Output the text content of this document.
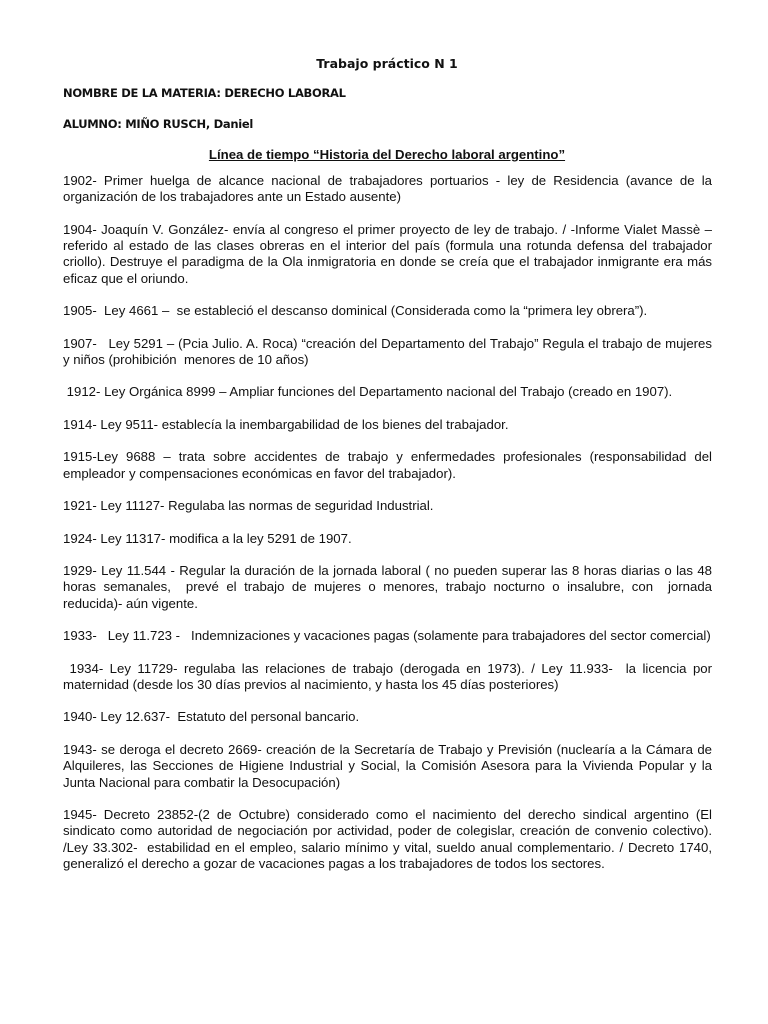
Trabajo práctico N 1
NOMBRE DE LA MATERIA: DERECHO LABORAL
ALUMNO: MIÑO RUSCH, Daniel
Línea de tiempo “Historia del Derecho laboral argentino”

1902- Primer huelga de alcance nacional de trabajadores portuarios - ley de Residencia (avance de la organización de los trabajadores ante un Estado ausente)

1904- Joaquín V. González- envía al congreso el primer proyecto de ley de trabajo. / -Informe Vialet Massè –referido al estado de las clases obreras en el interior del país (formula una rotunda defensa del trabajador criollo). Destruye el paradigma de la Ola inmigratoria en donde se creía que el trabajador inmigrante era más eficaz que el oriundo.

1905-  Ley 4661 –  se estableció el descanso dominical (Considerada como la “primera ley obrera”).

1907-   Ley 5291 – (Pcia Julio. A. Roca) “creación del Departamento del Trabajo” Regula el trabajo de mujeres y niños (prohibición  menores de 10 años)

1912- Ley Orgánica 8999 – Ampliar funciones del Departamento nacional del Trabajo (creado en 1907).

1914- Ley 9511- establecía la inembargabilidad de los bienes del trabajador.

1915-Ley 9688 – trata sobre accidentes de trabajo y enfermedades profesionales (responsabilidad del empleador y compensaciones económicas en favor del trabajador).

1921- Ley 11127- Regulaba las normas de seguridad Industrial.

1924- Ley 11317- modifica a la ley 5291 de 1907.

1929- Ley 11.544 - Regular la duración de la jornada laboral ( no pueden superar las 8 horas diarias o las 48 horas semanales,  prevé el trabajo de mujeres o menores, trabajo nocturno o insalubre, con  jornada reducida)- aún vigente.

1933-   Ley 11.723 -   Indemnizaciones y vacaciones pagas (solamente para trabajadores del sector comercial)

1934- Ley 11729- regulaba las relaciones de trabajo (derogada en 1973). / Ley 11.933-  la licencia por maternidad (desde los 30 días previos al nacimiento, y hasta los 45 días posteriores)

1940- Ley 12.637-  Estatuto del personal bancario.

1943- se deroga el decreto 2669- creación de la Secretaría de Trabajo y Previsión (nuclearía a la Cámara de Alquileres, las Secciones de Higiene Industrial y Social, la Comisión Asesora para la Vivienda Popular y la Junta Nacional para combatir la Desocupación)

1945- Decreto 23852-(2 de Octubre) considerado como el nacimiento del derecho sindical argentino (El sindicato como autoridad de negociación por actividad, poder de colegislar, creación de convenio colectivo). /Ley 33.302-  estabilidad en el empleo, salario mínimo y vital, sueldo anual complementario. / Decreto 1740, generalizó el derecho a gozar de vacaciones pagas a los trabajadores de todos los sectores.
